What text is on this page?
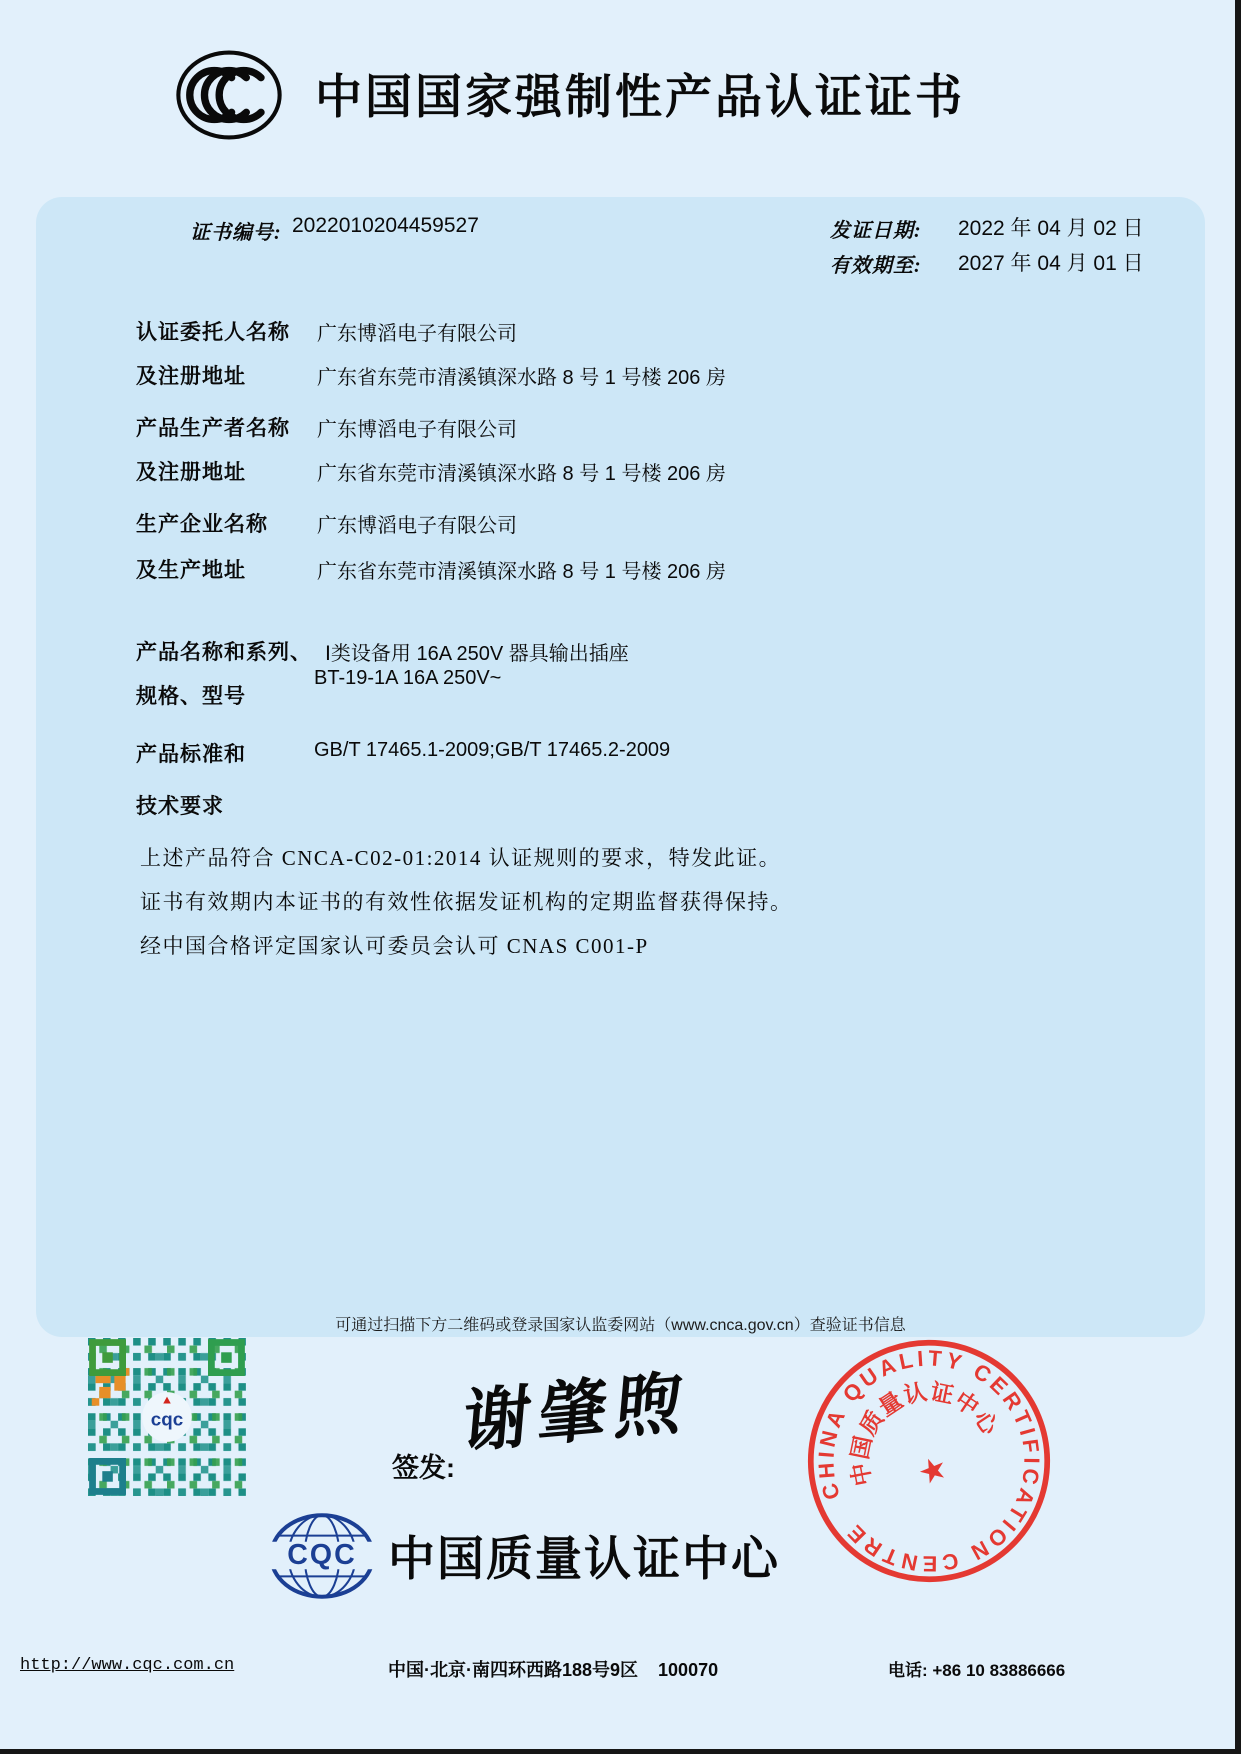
中国国家强制性产品认证证书
证书编号: 2022010204459527	发证日期: 2022 年 04 月 02 日
有效期至: 2027 年 04 月 01 日
认证委托人名称 广东博滔电子有限公司
及注册地址	广东省东莞市清溪镇深水路 8 号 1 号楼 206 房
产品生产者名称 广东博滔电子有限公司
及注册地址	广东省东莞市清溪镇深水路 8 号 1 号楼 206 房
生产企业名称 广东博滔电子有限公司
及生产地址	广东省东莞市清溪镇深水路 8 号 1 号楼 206 房
产品名称和系列、 Ⅰ类设备用 16A 250V 器具输出插座
BT-19-1A 16A 250V~
规格、型号
产品标准和	GB/T 17465.1-2009;GB/T 17465.2-2009
技术要求
上述产品符合 CNCA-C02-01:2014 认证规则的要求，特发此证。
证书有效期内本证书的有效性依据发证机构的定期监督获得保持。
经中国合格评定国家认可委员会认可 CNAS C001-P
可通过扫描下方二维码或登录国家认监委网站（www.cnca.gov.cn）查验证书信息
cqc
签发:
谢肇煦
CQC 中国质量认证中心
CHINA QUALITY CERTIFICATION CENTRE
中国质量认证中心
★
http://www.cqc.com.cn	中国·北京·南四环西路188号9区    100070	电话: +86 10 83886666
